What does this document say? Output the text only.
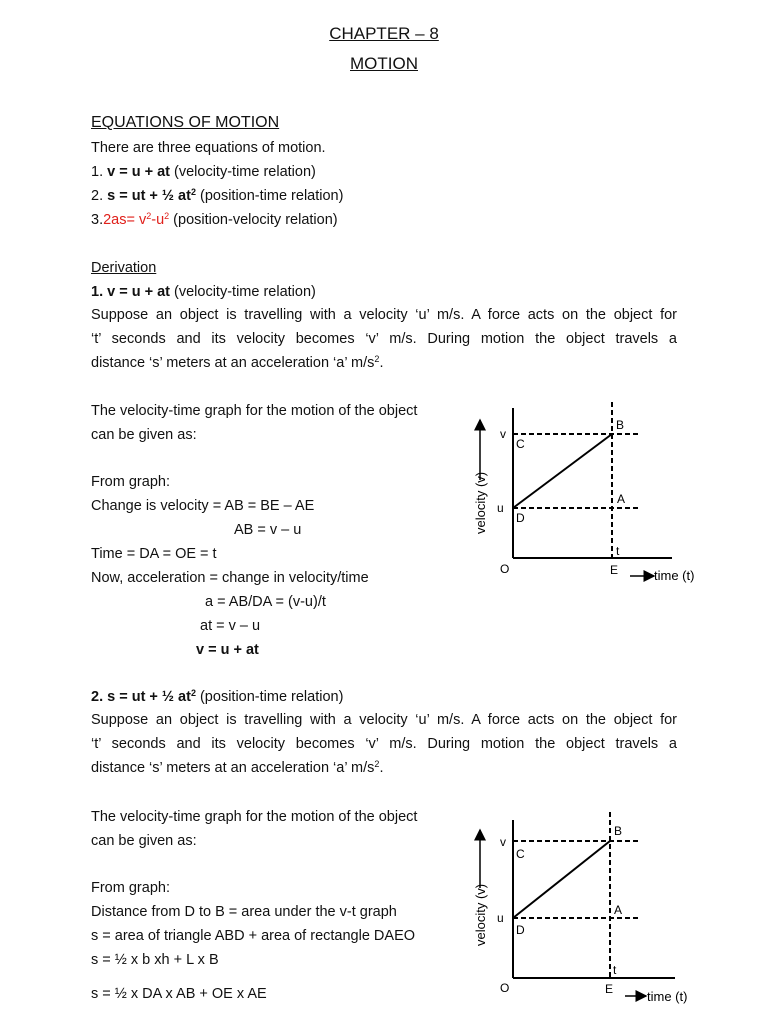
CHAPTER – 8
MOTION
EQUATIONS OF MOTION
There are three equations of motion.
1. v = u + at (velocity-time relation)
2. s = ut + ½ $at^2$ (position-time relation)
$3.2as= v^2-u^2$ (position-velocity relation)
Derivation
1. v = u + at (velocity-time relation)
Suppose an object is travelling with a velocity ‘u’ m/s. A force acts on the object for
‘t’ seconds and its velocity becomes ‘v’ m/s. During motion the object travels a
distance ‘s’ meters at an acceleration ‘a’ $m/s^2$.
The velocity-time graph for the motion of the object
can be given as:
From graph:
Change is velocity = AB = BE – AE
AB = v – u
Time = DA = OE = t
Now, acceleration = change in velocity/time
a = AB/DA = (v-u)/t
at = v – u
v = u + at
velocity (v)
v
u
C
D
B
A
t
O	E	time (t)
2. s = ut + ½ $at^2$ (position-time relation)
Suppose an object is travelling with a velocity ‘u’ m/s. A force acts on the object for
‘t’ seconds and its velocity becomes ‘v’ m/s. During motion the object travels a
distance ‘s’ meters at an acceleration ‘a’ $m/s^2$.
The velocity-time graph for the motion of the object
can be given as:
From graph:
Distance from D to B = area under the v-t graph
s = area of triangle ABD + area of rectangle DAEO
s = ½ x b xh + L x B
s = ½ x DA x AB + OE x AE
velocity (v)
v
u
C
D
B
A
t
O	E	time (t)
